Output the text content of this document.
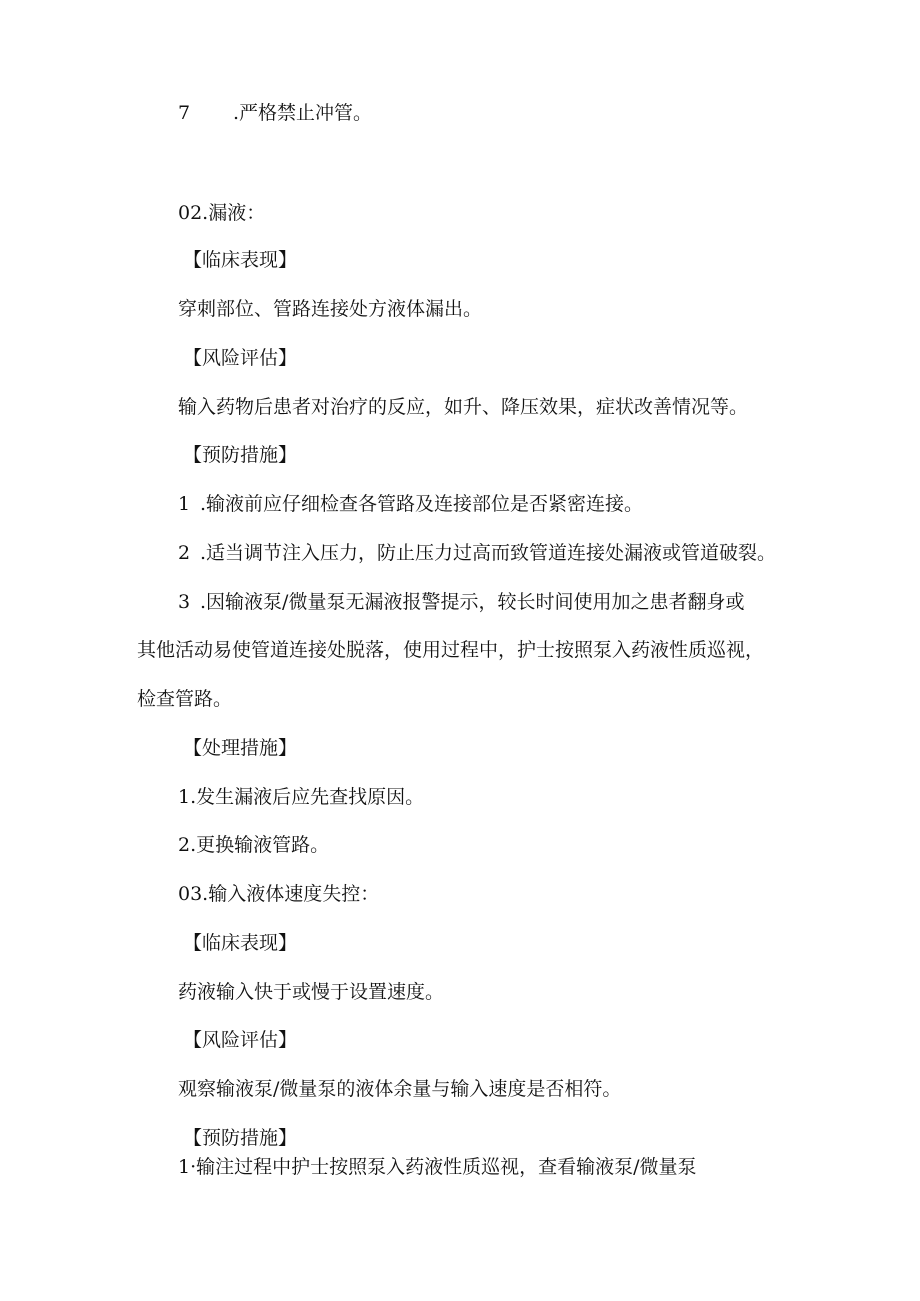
7 .严格禁止冲管。
02.漏液：
【临床表现】
穿刺部位、管路连接处方液体漏出。
【风险评估】
输入药物后患者对治疗的反应，如升、降压效果，症状改善情况等。
【预防措施】
1 .输液前应仔细检查各管路及连接部位是否紧密连接。
2 .适当调节注入压力，防止压力过高而致管道连接处漏液或管道破裂。
3 .因输液泵/微量泵无漏液报警提示，较长时间使用加之患者翻身或
其他活动易使管道连接处脱落，使用过程中，护士按照泵入药液性质巡视，
检查管路。
【处理措施】
1.发生漏液后应先查找原因。
2.更换输液管路。
03.输入液体速度失控：
【临床表现】
药液输入快于或慢于设置速度。
【风险评估】
观察输液泵/微量泵的液体余量与输入速度是否相符。
【预防措施】
1·输注过程中护士按照泵入药液性质巡视，查看输液泵/微量泵
